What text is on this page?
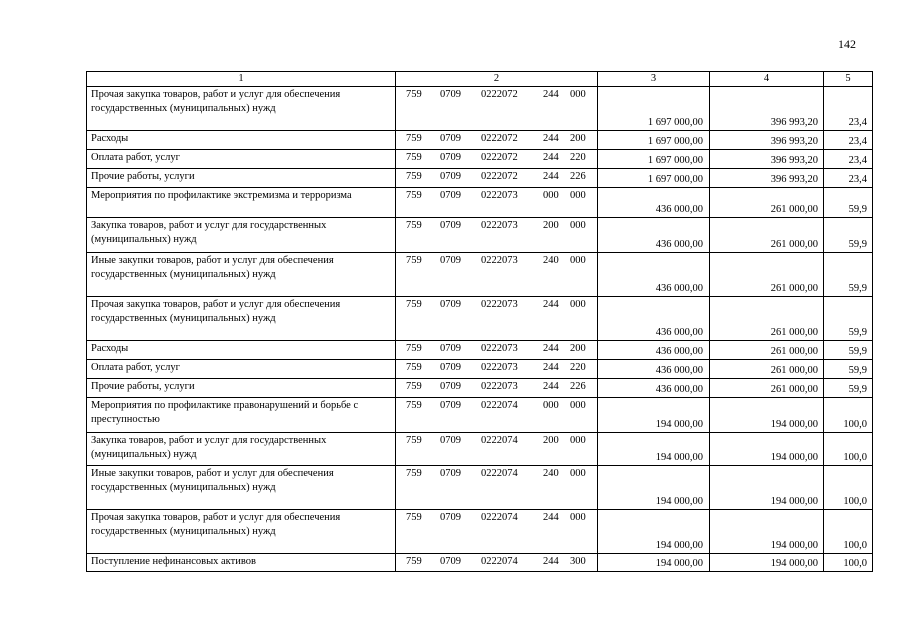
142
1	2	3	4	5
Прочая закупка товаров, работ и услуг для обеспечения государственных (муниципальных) нужд	759 0709 0222072 244 000	1 697 000,00	396 993,20	23,4
Расходы	759 0709 0222072 244 200	1 697 000,00	396 993,20	23,4
Оплата работ, услуг	759 0709 0222072 244 220	1 697 000,00	396 993,20	23,4
Прочие работы, услуги	759 0709 0222072 244 226	1 697 000,00	396 993,20	23,4
Мероприятия по профилактике экстремизма и терроризма	759 0709 0222073 000 000	436 000,00	261 000,00	59,9
Закупка товаров, работ и услуг для государственных (муниципальных) нужд	759 0709 0222073 200 000	436 000,00	261 000,00	59,9
Иные закупки товаров, работ и услуг для обеспечения государственных (муниципальных) нужд	759 0709 0222073 240 000	436 000,00	261 000,00	59,9
Прочая закупка товаров, работ и услуг для обеспечения государственных (муниципальных) нужд	759 0709 0222073 244 000	436 000,00	261 000,00	59,9
Расходы	759 0709 0222073 244 200	436 000,00	261 000,00	59,9
Оплата работ, услуг	759 0709 0222073 244 220	436 000,00	261 000,00	59,9
Прочие работы, услуги	759 0709 0222073 244 226	436 000,00	261 000,00	59,9
Мероприятия по профилактике правонарушений и борьбе с преступностью	759 0709 0222074 000 000	194 000,00	194 000,00	100,0
Закупка товаров, работ и услуг для государственных (муниципальных) нужд	759 0709 0222074 200 000	194 000,00	194 000,00	100,0
Иные закупки товаров, работ и услуг для обеспечения государственных (муниципальных) нужд	759 0709 0222074 240 000	194 000,00	194 000,00	100,0
Прочая закупка товаров, работ и услуг для обеспечения государственных (муниципальных) нужд	759 0709 0222074 244 000	194 000,00	194 000,00	100,0
Поступление нефинансовых активов	759 0709 0222074 244 300	194 000,00	194 000,00	100,0
